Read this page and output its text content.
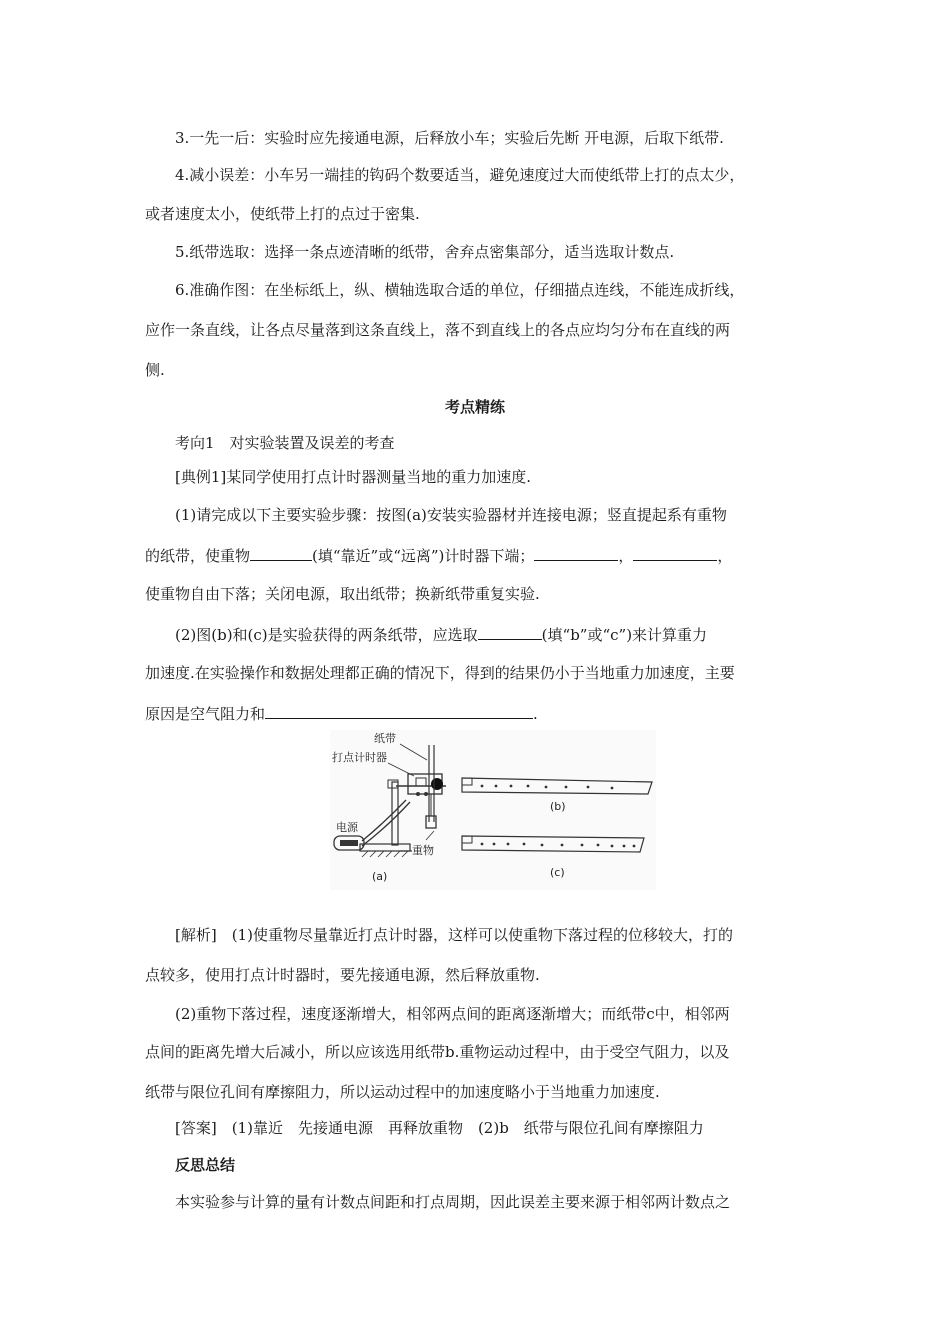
3.一先一后：实验时应先接通电源，后释放小车；实验后先断 开电源，后取下纸带.
4.减小误差：小车另一端挂的钩码个数要适当，避免速度过大而使纸带上打的点太少，
或者速度太小，使纸带上打的点过于密集.
5.纸带选取：选择一条点迹清晰的纸带，舍弃点密集部分，适当选取计数点.
6.准确作图：在坐标纸上，纵、横轴选取合适的单位，仔细描点连线，不能连成折线，
应作一条直线，让各点尽量落到这条直线上，落不到直线上的各点应均匀分布在直线的两
侧.
考点精练
考向1　对实验装置及误差的考查
[典例1]某同学使用打点计时器测量当地的重力加速度.
(1)请完成以下主要实验步骤：按图(a)安装实验器材并连接电源；竖直提起系有重物
的纸带，使重物	(填“靠近”或“远离”)计时器下端；	，	，
使重物自由下落；关闭电源，取出纸带；换新纸带重复实验.
(2)图(b)和(c)是实验获得的两条纸带，应选取	(填“b”或“c”)来计算重力
加速度.在实验操作和数据处理都正确的情况下，得到的结果仍小于当地重力加速度，主要
原因是空气阻力和	.
纸带
打点计时器
电源
重物
(a)
(b)
(c)
[解析]　(1)使重物尽量靠近打点计时器，这样可以使重物下落过程的位移较大，打的
点较多，使用打点计时器时，要先接通电源，然后释放重物.
(2)重物下落过程，速度逐渐增大，相邻两点间的距离逐渐增大；而纸带c中，相邻两
点间的距离先增大后减小，所以应该选用纸带b.重物运动过程中，由于受空气阻力，以及
纸带与限位孔间有摩擦阻力，所以运动过程中的加速度略小于当地重力加速度.
[答案]　(1)靠近　先接通电源　再释放重物　(2)b　纸带与限位孔间有摩擦阻力
反思总结
本实验参与计算的量有计数点间距和打点周期，因此误差主要来源于相邻两计数点之
